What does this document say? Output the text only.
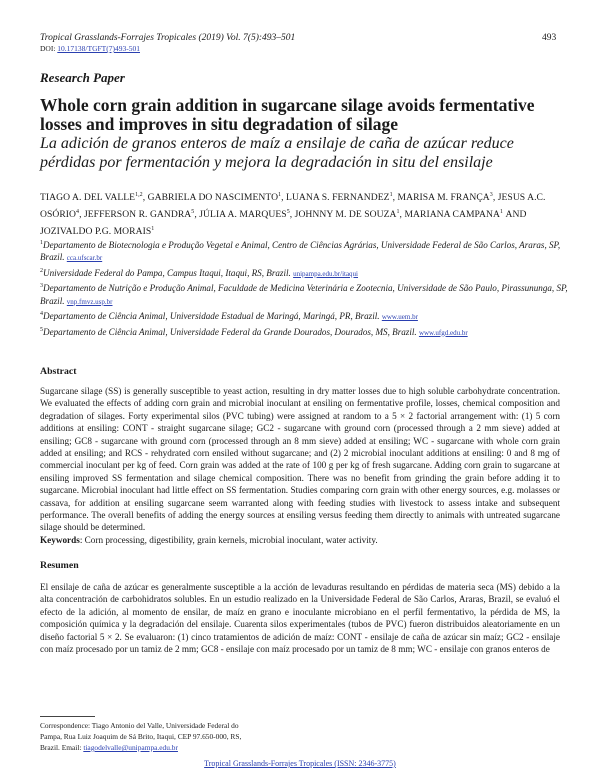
Tropical Grasslands-Forrajes Tropicales (2019) Vol. 7(5):493–501	493
DOI: 10.17138/TGFT(7)493-501
Research Paper
Whole corn grain addition in sugarcane silage avoids fermentative losses and improves in situ degradation of silage
La adición de granos enteros de maíz a ensilaje de caña de azúcar reduce pérdidas por fermentación y mejora la degradación in situ del ensilaje
TIAGO A. DEL VALLE$^{1,2}$, GABRIELA DO NASCIMENTO$^1$, LUANA S. FERNANDEZ$^1$, MARISA M. FRANÇA$^3$, JESUS A.C. OSÓRIO$^4$, JEFFERSON R. GANDRA$^5$, JÚLIA A. MARQUES$^5$, JOHNNY M. DE SOUZA$^1$, MARIANA CAMPANA$^1$ AND JOZIVALDO P.G. MORAIS$^1$
$^1$Departamento de Biotecnologia e Produção Vegetal e Animal, Centro de Ciências Agrárias, Universidade Federal de São Carlos, Araras, SP, Brazil. cca.ufscar.br
$^2$Universidade Federal do Pampa, Campus Itaqui, Itaqui, RS, Brazil. unipampa.edu.br/itaqui
$^3$Departamento de Nutrição e Produção Animal, Faculdade de Medicina Veterinária e Zootecnia, Universidade de São Paulo, Pirassununga, SP, Brazil. vnp.fmvz.usp.br
$^4$Departamento de Ciência Animal, Universidade Estadual de Maringá, Maringá, PR, Brazil. www.uem.br
$^5$Departamento de Ciência Animal, Universidade Federal da Grande Dourados, Dourados, MS, Brazil. www.ufgd.edu.br
Abstract
Sugarcane silage (SS) is generally susceptible to yeast action, resulting in dry matter losses due to high soluble carbohydrate concentration. We evaluated the effects of adding corn grain and microbial inoculant at ensiling on fermentative profile, losses, chemical composition and degradation of silages. Forty experimental silos (PVC tubing) were assigned at random to a 5 × 2 factorial arrangement with: (1) 5 corn additions at ensiling: CONT - straight sugarcane silage; GC2 - sugarcane with ground corn (processed through a 2 mm sieve) added at ensiling; GC8 - sugarcane with ground corn (processed through an 8 mm sieve) added at ensiling; WC - sugarcane with whole corn grain added at ensiling; and RCS - rehydrated corn ensiled without sugarcane; and (2) 2 microbial inoculant additions at ensiling: 0 and 8 mg of commercial inoculant per kg of feed. Corn grain was added at the rate of 100 g per kg of fresh sugarcane. Adding corn grain to sugarcane at ensiling improved SS fermentation and silage chemical composition. There was no benefit from grinding the grain before adding it to sugarcane. Microbial inoculant had little effect on SS fermentation. Studies comparing corn grain with other energy sources, e.g. molasses or cassava, for addition at ensiling sugarcane seem warranted along with feeding studies with livestock to assess intake and subsequent performance. The overall benefits of adding the energy sources at ensiling versus feeding them directly to animals with untreated sugarcane silage should be determined.
Keywords: Corn processing, digestibility, grain kernels, microbial inoculant, water activity.
Resumen
El ensilaje de caña de azúcar es generalmente susceptible a la acción de levaduras resultando en pérdidas de materia seca (MS) debido a la alta concentración de carbohidratos solubles. En un estudio realizado en la Universidade Federal de São Carlos, Araras, Brazil, se evaluó el efecto de la adición, al momento de ensilar, de maíz en grano e inoculante microbiano en el perfil fermentativo, la pérdida de MS, la composición química y la degradación del ensilaje. Cuarenta silos experimentales (tubos de PVC) fueron distribuidos aleatoriamente en un diseño factorial 5 × 2. Se evaluaron: (1) cinco tratamientos de adición de maíz: CONT - ensilaje de caña de azúcar sin maíz; GC2 - ensilaje con maíz procesado por un tamiz de 2 mm; GC8 - ensilaje con maíz procesado por un tamiz de 8 mm; WC - ensilaje con granos enteros de
Correspondence: Tiago Antonio del Valle, Universidade Federal do
Pampa, Rua Luiz Joaquim de Sá Brito, Itaqui, CEP 97.650-000, RS,
Brazil. Email: tiagodelvalle@unipampa.edu.br
Tropical Grasslands-Forrajes Tropicales (ISSN: 2346-3775)
